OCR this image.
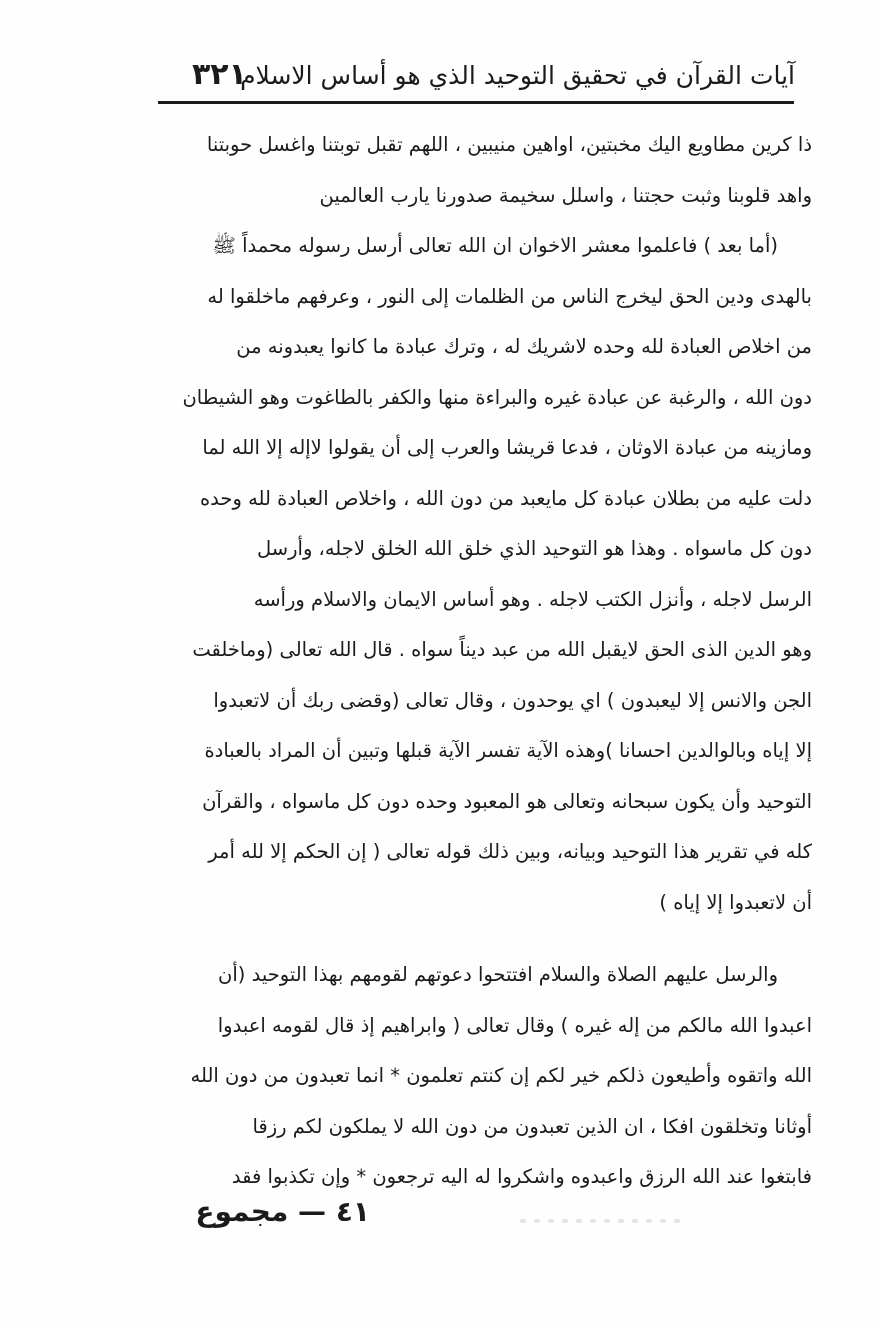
آيات القرآن في تحقيق التوحيد الذي هو أساس الاسلام
٣٢١
ذا كرين مطاويع اليك مخبتين، اواهين منيبين ، اللهم تقبل توبتنا واغسل حوبتنا
واهد قلوبنا وثبت حجتنا ، واسلل سخيمة صدورنا يارب العالمين
(أما بعد ) فاعلموا معشر الاخوان ان الله تعالى أرسل رسوله محمداً ﷺ
بالهدى ودين الحق ليخرج الناس من الظلمات إلى النور ، وعرفهم ماخلقوا له
من اخلاص العبادة لله وحده لاشريك له ، وترك عبادة ما كانوا يعبدونه من
دون الله ، والرغبة عن عبادة غيره والبراءة منها والكفر بالطاغوت وهو الشيطان
ومازينه من عبادة الاوثان ، فدعا قريشا والعرب إلى أن يقولوا لاإله إلا الله لما
دلت عليه من بطلان عبادة كل مايعبد من دون الله ، واخلاص العبادة لله وحده
دون كل ماسواه . وهذا هو التوحيد الذي خلق الله الخلق لاجله، وأرسل
الرسل لاجله ، وأنزل الكتب لاجله . وهو أساس الايمان والاسلام ورأسه
وهو الدين الذى الحق لايقبل الله من عبد ديناً سواه . قال الله تعالى (وماخلقت
الجن والانس إلا ليعبدون ) اي يوحدون ، وقال تعالى (وقضى ربك أن لاتعبدوا
إلا إياه وبالوالدين احسانا )وهذه الآية تفسر الآية قبلها وتبين أن المراد بالعبادة
التوحيد وأن يكون سبحانه وتعالى هو المعبود وحده دون كل ماسواه ، والقرآن
كله في تقرير هذا التوحيد وبيانه، وبين ذلك قوله تعالى ( إن الحكم إلا لله أمر
أن لاتعبدوا إلا إياه )
والرسل عليهم الصلاة والسلام افتتحوا دعوتهم لقومهم بهذا التوحيد (أن
اعبدوا الله مالكم من إله غيره ) وقال تعالى ( وابراهيم إذ قال لقومه اعبدوا
الله واتقوه وأطيعون ذلكم خير لكم إن كنتم تعلمون * انما تعبدون من دون الله
أوثانا وتخلقون افكا ، ان الذين تعبدون من دون الله لا يملكون لكم رزقا
فابتغوا عند الله الرزق واعبدوه واشكروا له اليه ترجعون * وإن تكذبوا فقد
٤١ — مجموع
